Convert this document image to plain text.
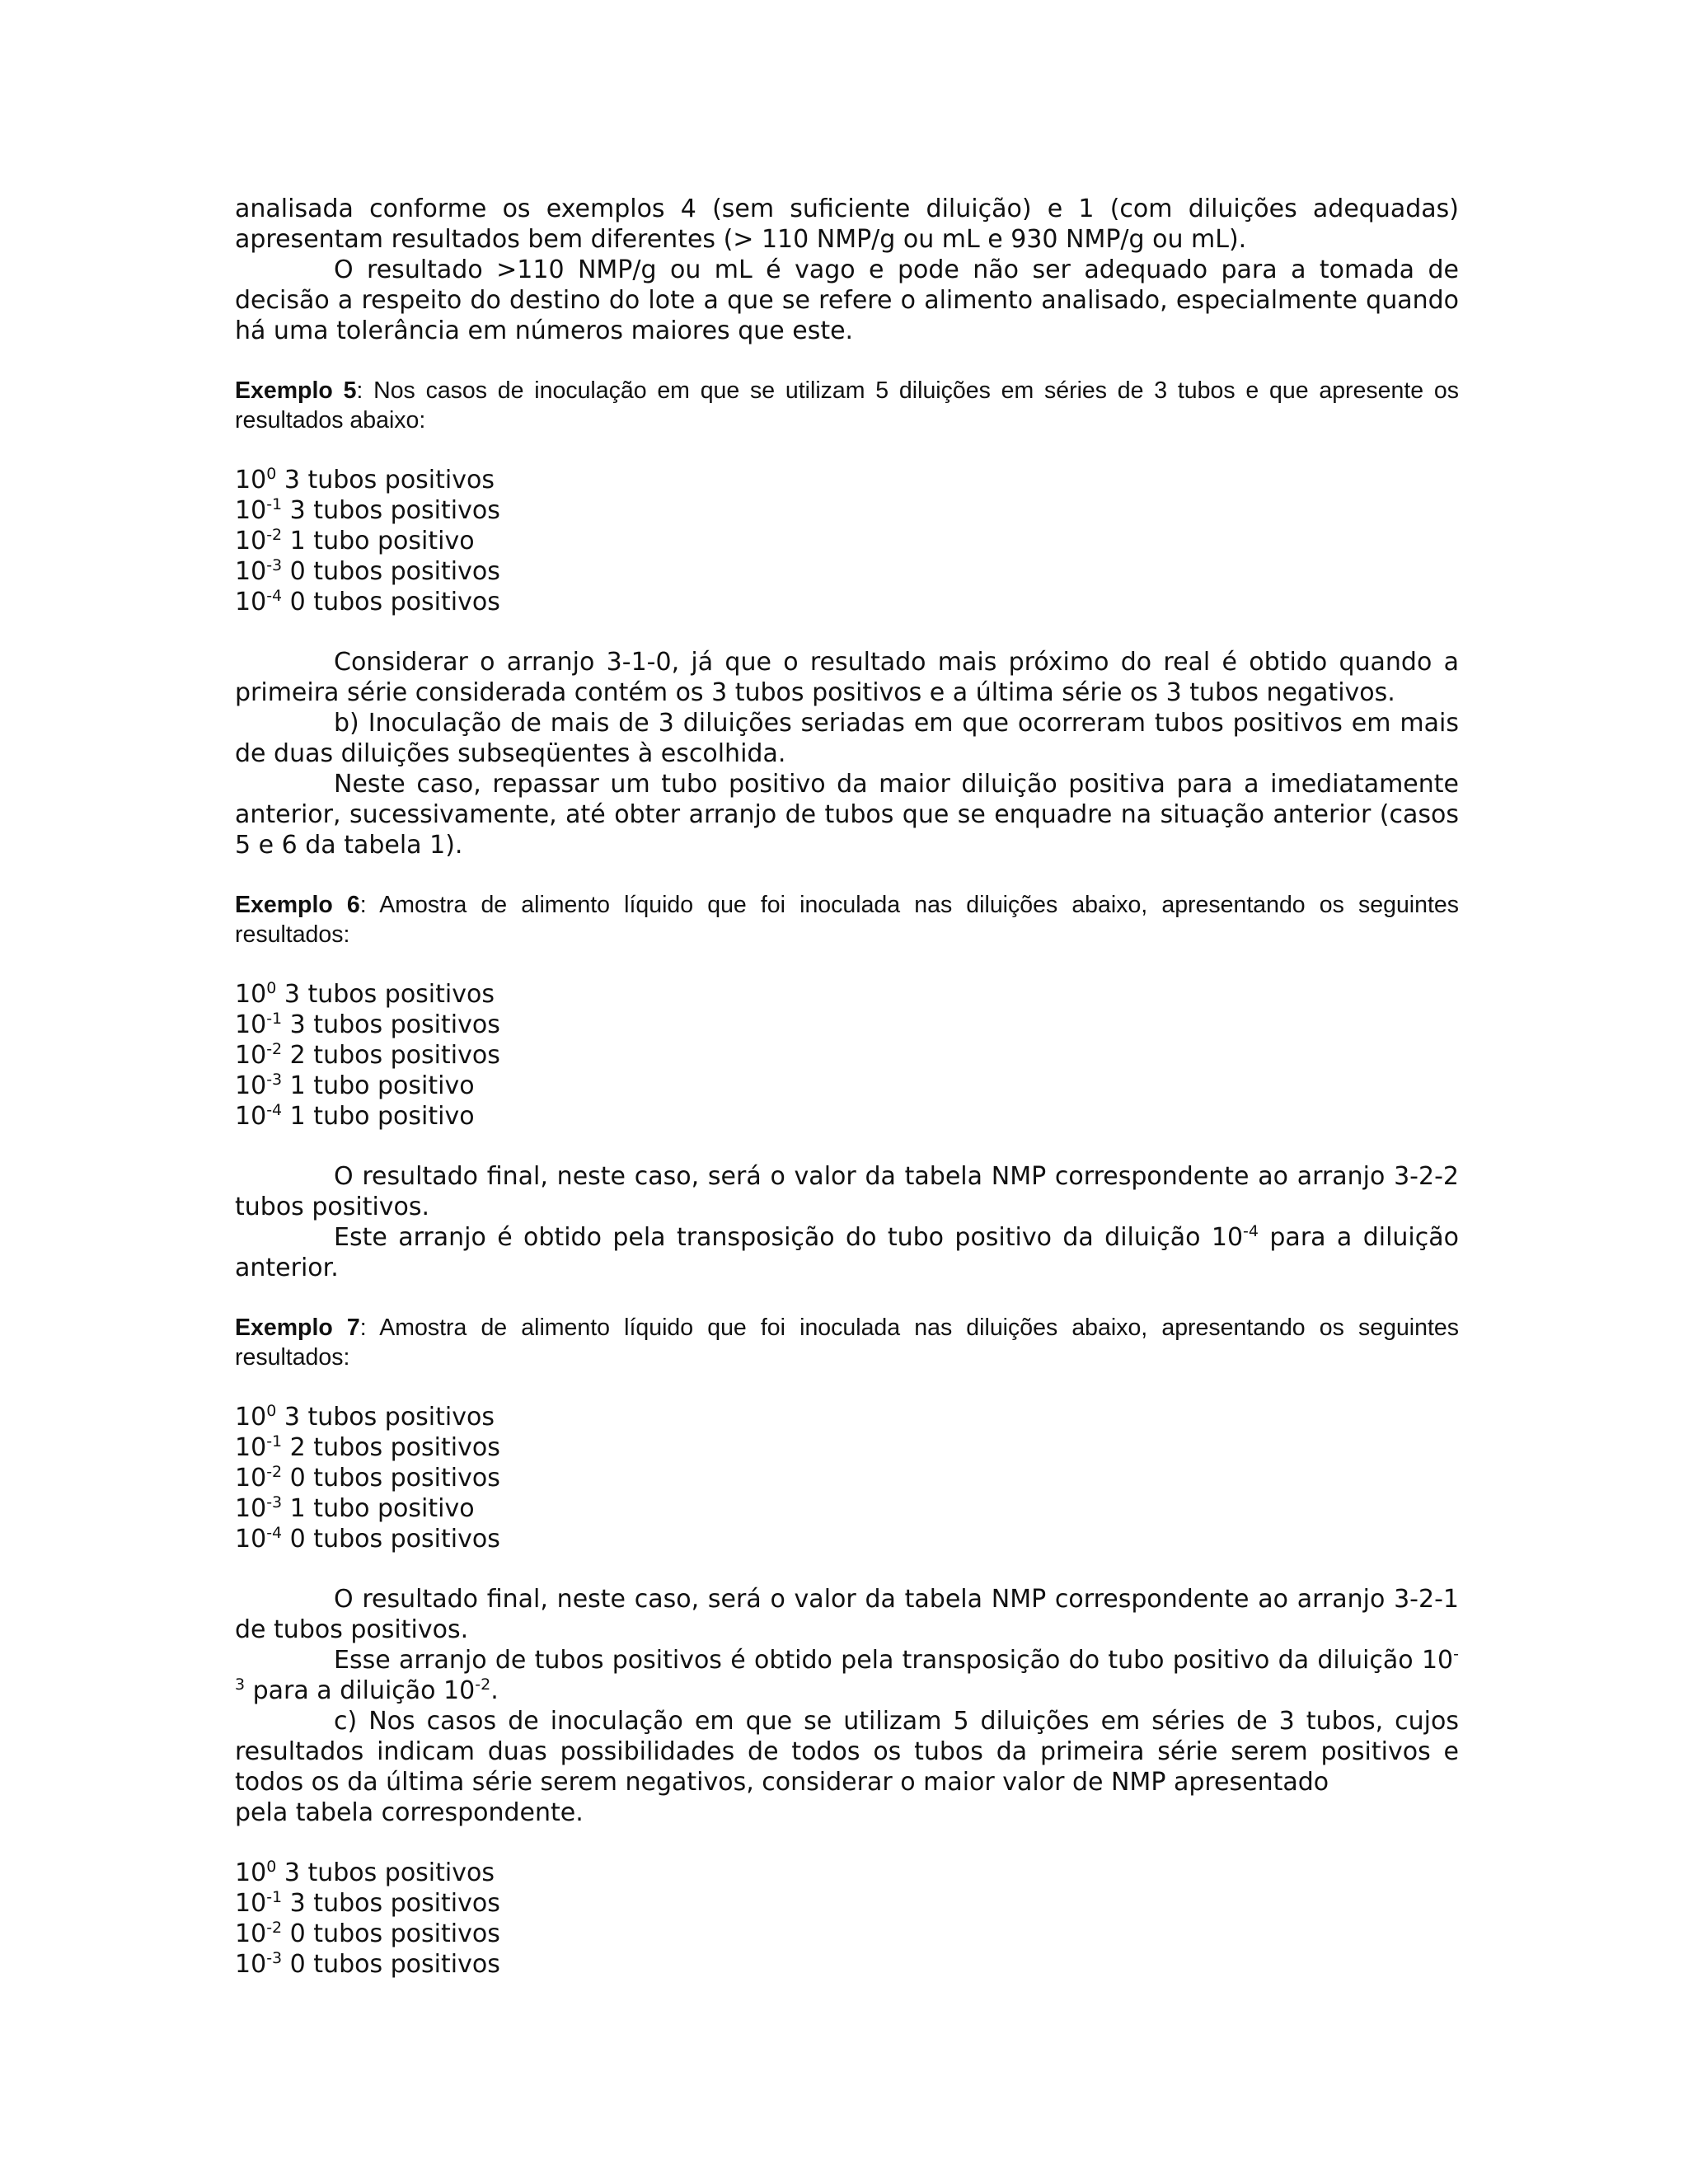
analisada conforme os exemplos 4 (sem suficiente diluição) e 1 (com diluições adequadas) apresentam resultados bem diferentes (> 110 NMP/g ou mL e 930 NMP/g ou mL).

O resultado >110 NMP/g ou mL é vago e pode não ser adequado para a tomada de decisão a respeito do destino do lote a que se refere o alimento analisado, especialmente quando há uma tolerância em números maiores que este.

Exemplo 5: Nos casos de inoculação em que se utilizam 5 diluições em séries de 3 tubos e que apresente os resultados abaixo:

$10^0$ 3 tubos positivos

$10^{-1}$ 3 tubos positivos

$10^{-2}$ 1 tubo positivo

$10^{-3}$ 0 tubos positivos

$10^{-4}$ 0 tubos positivos

Considerar o arranjo 3-1-0, já que o resultado mais próximo do real é obtido quando a primeira série considerada contém os 3 tubos positivos e a última série os 3 tubos negativos.

b) Inoculação de mais de 3 diluições seriadas em que ocorreram tubos positivos em mais de duas diluições subseqüentes à escolhida.

Neste caso, repassar um tubo positivo da maior diluição positiva para a imediatamente anterior, sucessivamente, até obter arranjo de tubos que se enquadre na situação anterior (casos 5 e 6 da tabela 1).

Exemplo 6: Amostra de alimento líquido que foi inoculada nas diluições abaixo, apresentando os seguintes resultados:

$10^0$ 3 tubos positivos

$10^{-1}$ 3 tubos positivos

$10^{-2}$ 2 tubos positivos

$10^{-3}$ 1 tubo positivo

$10^{-4}$ 1 tubo positivo

O resultado final, neste caso, será o valor da tabela NMP correspondente ao arranjo 3-2-2 tubos positivos.

Este arranjo é obtido pela transposição do tubo positivo da diluição $10^{-4}$ para a diluição anterior.

Exemplo 7: Amostra de alimento líquido que foi inoculada nas diluições abaixo, apresentando os seguintes resultados:

$10^0$ 3 tubos positivos

$10^{-1}$ 2 tubos positivos

$10^{-2}$ 0 tubos positivos

$10^{-3}$ 1 tubo positivo

$10^{-4}$ 0 tubos positivos

O resultado final, neste caso, será o valor da tabela NMP correspondente ao arranjo 3-2-1 de tubos positivos.

Esse arranjo de tubos positivos é obtido pela transposição do tubo positivo da diluição $10^{-3}$ para a diluição $10^{-2}$.

c) Nos casos de inoculação em que se utilizam 5 diluições em séries de 3 tubos, cujos resultados indicam duas possibilidades de todos os tubos da primeira série serem positivos e todos os da última série serem negativos, considerar o maior valor de NMP apresentado

pela tabela correspondente.

$10^0$ 3 tubos positivos

$10^{-1}$ 3 tubos positivos

$10^{-2}$ 0 tubos positivos

$10^{-3}$ 0 tubos positivos
